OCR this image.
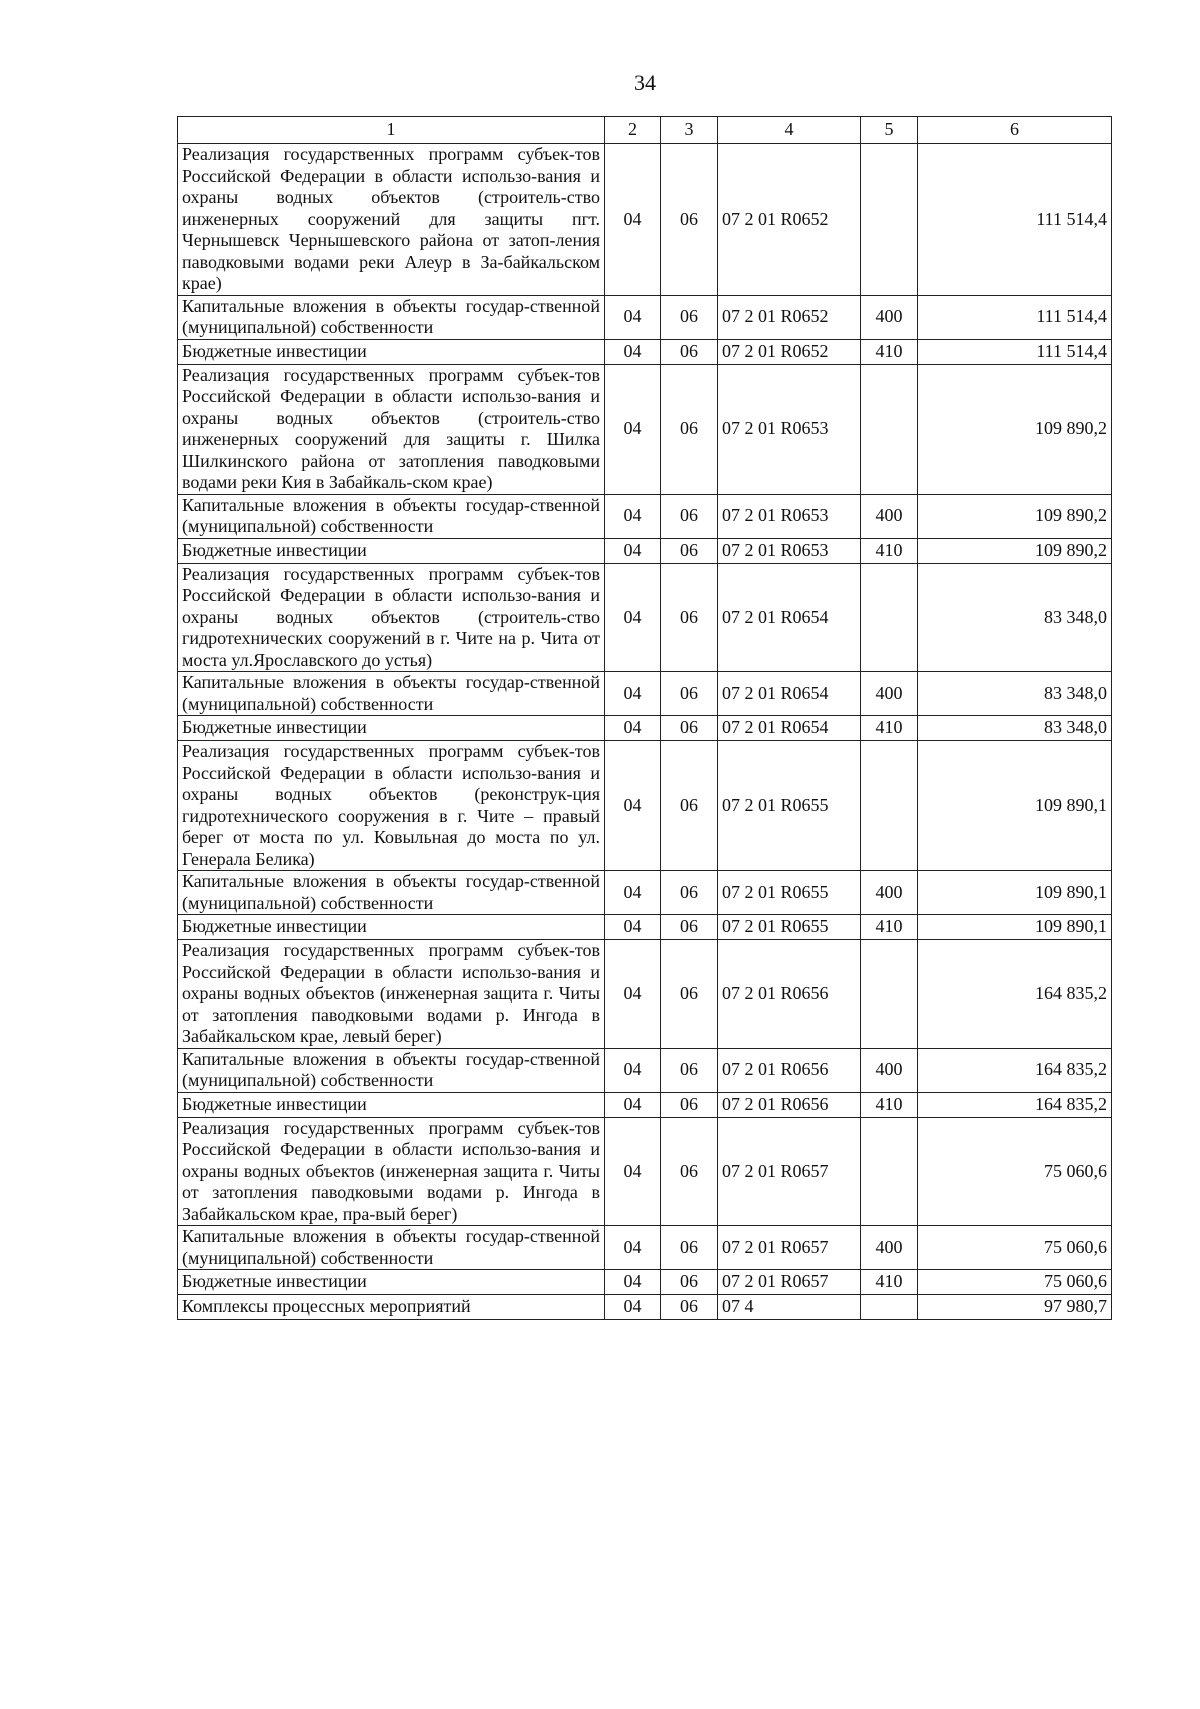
34
1	2	3	4	5	6
Реализация государственных программ субъек-тов Российской Федерации в области использо-вания и охраны водных объектов (строитель-ство инженерных сооружений для защиты пгт. Чернышевск Чернышевского района от затоп-ления паводковыми водами реки Алеур в За-байкальском крае)	04	06	07 2 01 R0652		111 514,4
Капитальные вложения в объекты государ-ственной (муниципальной) собственности	04	06	07 2 01 R0652	400	111 514,4
Бюджетные инвестиции	04	06	07 2 01 R0652	410	111 514,4
Реализация государственных программ субъек-тов Российской Федерации в области использо-вания и охраны водных объектов (строитель-ство инженерных сооружений для защиты г. Шилка Шилкинского района от затопления паводковыми водами реки Кия в Забайкаль-ском крае)	04	06	07 2 01 R0653		109 890,2
Капитальные вложения в объекты государ-ственной (муниципальной) собственности	04	06	07 2 01 R0653	400	109 890,2
Бюджетные инвестиции	04	06	07 2 01 R0653	410	109 890,2
Реализация государственных программ субъек-тов Российской Федерации в области использо-вания и охраны водных объектов (строитель-ство гидротехнических сооружений в г. Чите на р. Чита от моста ул.Ярославского до устья)	04	06	07 2 01 R0654		83 348,0
Капитальные вложения в объекты государ-ственной (муниципальной) собственности	04	06	07 2 01 R0654	400	83 348,0
Бюджетные инвестиции	04	06	07 2 01 R0654	410	83 348,0
Реализация государственных программ субъек-тов Российской Федерации в области использо-вания и охраны водных объектов (реконструк-ция гидротехнического сооружения в г. Чите – правый берег от моста по ул. Ковыльная до моста по ул. Генерала Белика)	04	06	07 2 01 R0655		109 890,1
Капитальные вложения в объекты государ-ственной (муниципальной) собственности	04	06	07 2 01 R0655	400	109 890,1
Бюджетные инвестиции	04	06	07 2 01 R0655	410	109 890,1
Реализация государственных программ субъек-тов Российской Федерации в области использо-вания и охраны водных объектов (инженерная защита г. Читы от затопления паводковыми водами р. Ингода в Забайкальском крае, левый берег)	04	06	07 2 01 R0656		164 835,2
Капитальные вложения в объекты государ-ственной (муниципальной) собственности	04	06	07 2 01 R0656	400	164 835,2
Бюджетные инвестиции	04	06	07 2 01 R0656	410	164 835,2
Реализация государственных программ субъек-тов Российской Федерации в области использо-вания и охраны водных объектов (инженерная защита г. Читы от затопления паводковыми водами р. Ингода в Забайкальском крае, пра-вый берег)	04	06	07 2 01 R0657		75 060,6
Капитальные вложения в объекты государ-ственной (муниципальной) собственности	04	06	07 2 01 R0657	400	75 060,6
Бюджетные инвестиции	04	06	07 2 01 R0657	410	75 060,6
Комплексы процессных мероприятий	04	06	07 4		97 980,7
